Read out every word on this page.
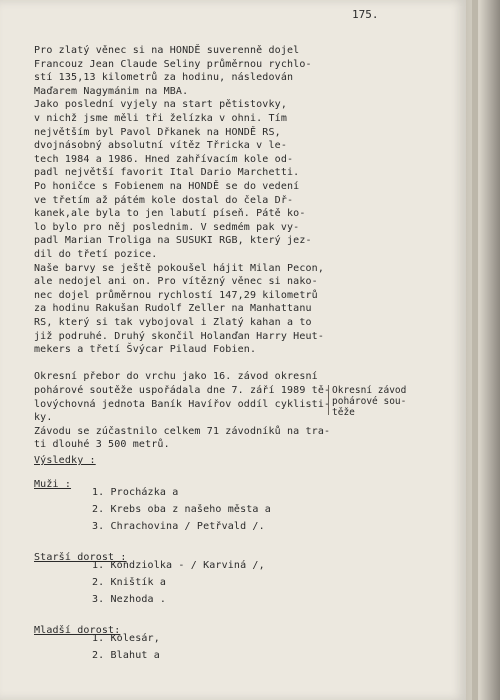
175.
Pro zlatý věnec si na HONDĚ suverenně dojel
Francouz Jean Claude Seliny průměrnou rychlo-
stí 135,13 kilometrů za hodinu, následován
Maďarem Nagymánim na MBA.
Jako poslední vyjely na start pětistovky,
v nichž jsme měli tři želízka v ohni. Tím
největším byl Pavol Dřkanek na HONDĚ RS,
dvojnásobný absolutní vítěz Třricka v le-
tech 1984 a 1986. Hned zahřívacím kole od-
padl největší favorit Ital Dario Marchetti.
Po honičce s Fobienem na HONDĚ se do vedení
ve třetím až pátém kole dostal do čela Dř-
kanek,ale byla to jen labutí píseň. Pátě ko-
lo bylo pro něj poslednim. V sedmém pak vy-
padl Marian Troliga na SUSUKI RGB, který jez-
dil do třetí pozice.
Naše barvy se ještě pokoušel hájit Milan Pecon,
ale nedojel ani on. Pro vítězný věnec si nako-
nec dojel průměrnou rychlostí 147,29 kilometrů
za hodinu Rakušan Rudolf Zeller na Manhattanu
RS, který si tak vybojoval i Zlatý kahan a to
již podruhé. Druhý skončil Holanďan Harry Heut-
mekers a třetí Švýcar Pilaud Fobien.
Okresní přebor do vrchu jako 16. závod okresní
pohárové soutěže uspořádala dne 7. září 1989 tě-
lovýchovná jednota Baník Havířov oddíl cyklisti-
ky.
Závodu se zúčastnilo celkem 71 závodníků na tra-
ti dlouhé 3 500 metrů.
Okresní závod
pohárové sou-
těže
Výsledky :
Muži :
1. Procházka a
2. Krebs oba z našeho města a
3. Chrachovina / Petřvald /.
Starší dorost :
1. Kondziolka - / Karviná /,
2. Kništík a
3. Nezhoda .
Mladší dorost:
1. Kolesár,
2. Blahut a
